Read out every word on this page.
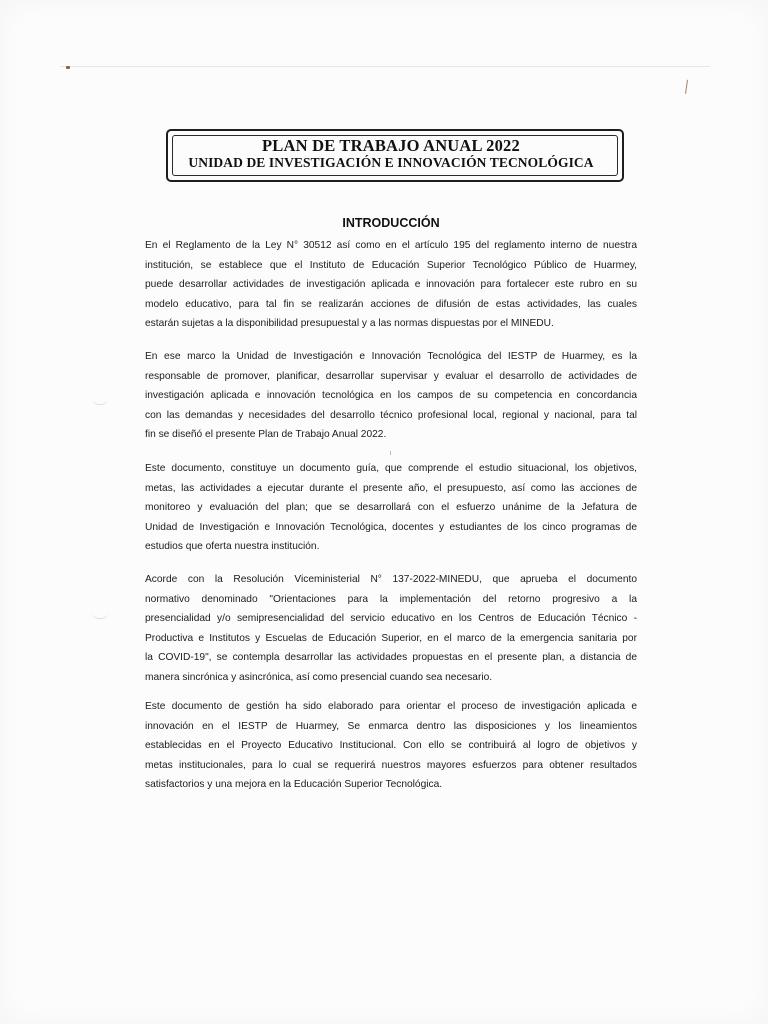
PLAN DE TRABAJO ANUAL 2022
UNIDAD DE INVESTIGACIÓN E INNOVACIÓN TECNOLÓGICA
INTRODUCCIÓN
En el Reglamento de la Ley N° 30512 así como en el artículo 195 del reglamento interno de nuestra
institución, se establece que el Instituto de Educación Superior Tecnológico Público de Huarmey,
puede desarrollar actividades de investigación aplicada e innovación para fortalecer este rubro en su
modelo educativo, para tal fin se realizarán acciones de difusión de estas actividades, las cuales
estarán sujetas a la disponibilidad presupuestal y a las normas dispuestas por el MINEDU.
En ese marco la Unidad de Investigación e Innovación Tecnológica del IESTP de Huarmey, es la
responsable de promover, planificar, desarrollar supervisar y evaluar el desarrollo de actividades de
investigación aplicada e innovación tecnológica en los campos de su competencia en concordancia
con las demandas y necesidades del desarrollo técnico profesional local, regional y nacional, para tal
fin se diseñó el presente Plan de Trabajo Anual 2022.
Este documento, constituye un documento guía, que comprende el estudio situacional, los objetivos,
metas, las actividades a ejecutar durante el presente año, el presupuesto, así como las acciones de
monitoreo y evaluación del plan; que se desarrollará con el esfuerzo unánime de la Jefatura de
Unidad de Investigación e Innovación Tecnológica, docentes y estudiantes de los cinco programas de
estudios que oferta nuestra institución.
Acorde con la Resolución Viceministerial N° 137-2022-MINEDU, que aprueba el documento
normativo denominado "Orientaciones para la implementación del retorno progresivo a la
presencialidad y/o semipresencialidad del servicio educativo en los Centros de Educación Técnico -
Productiva e Institutos y Escuelas de Educación Superior, en el marco de la emergencia sanitaria por
la COVID-19", se contempla desarrollar las actividades propuestas en el presente plan, a distancia de
manera sincrónica y asincrónica, así como presencial cuando sea necesario.
Este documento de gestión ha sido elaborado para orientar el proceso de investigación aplicada e
innovación en el IESTP de Huarmey, Se enmarca dentro las disposiciones y los lineamientos
establecidas en el Proyecto Educativo Institucional. Con ello se contribuirá al logro de objetivos y
metas institucionales, para lo cual se requerirá nuestros mayores esfuerzos para obtener resultados
satisfactorios y una mejora en la Educación Superior Tecnológica.
